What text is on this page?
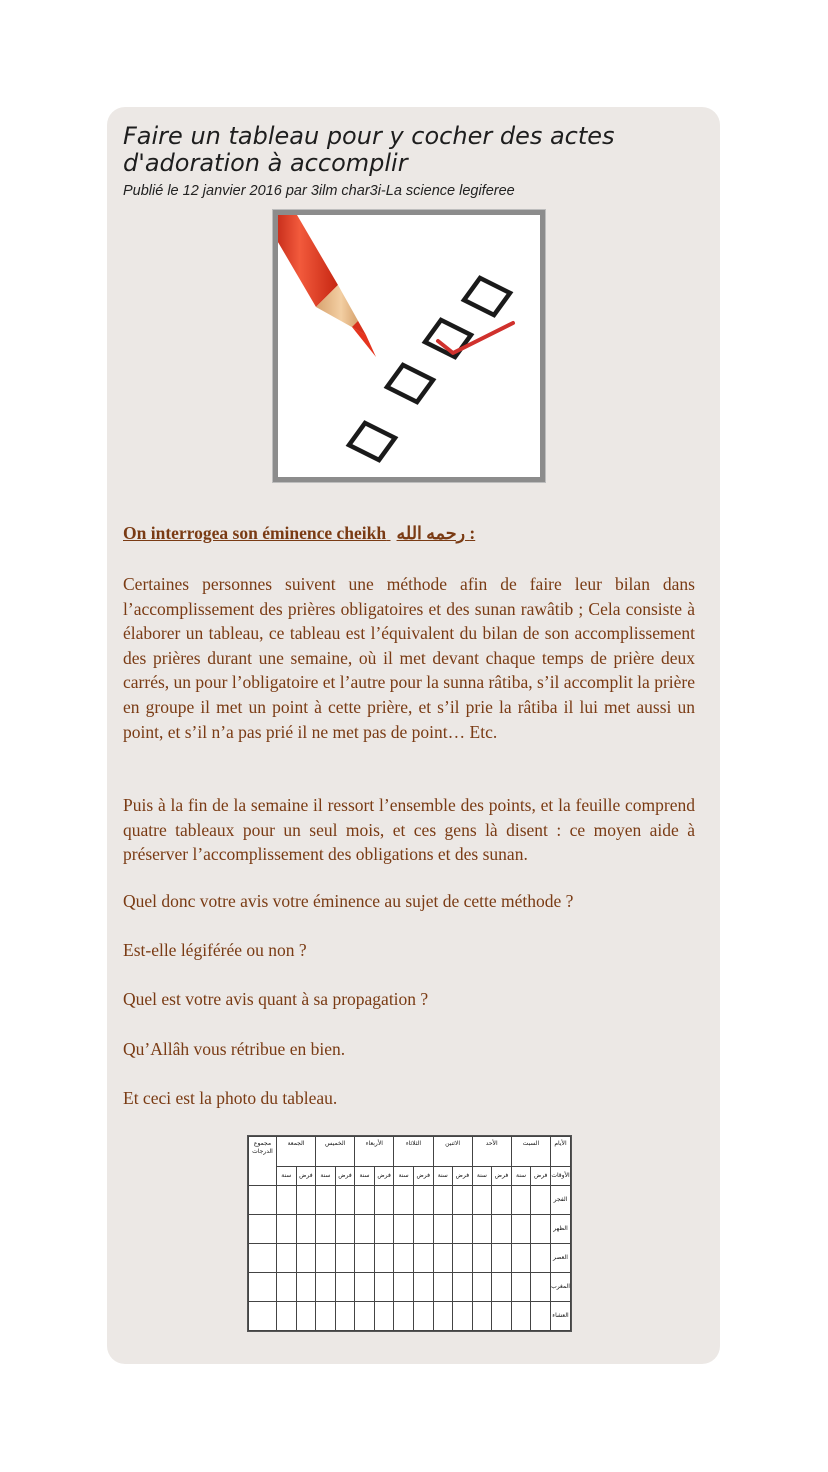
Faire un tableau pour y cocher des actes d'adoration à accomplir
Publié le 12 janvier 2016 par 3ilm char3i-La science legiferee
On interrogea son éminence cheikh رحمه الله :

Certaines personnes suivent une méthode afin de faire leur bilan dans l’accomplissement des prières obligatoires et des sunan rawâtib ; Cela consiste à élaborer un tableau, ce tableau est l’équivalent du bilan de son accomplissement des prières durant une semaine, où il met devant chaque temps de prière deux carrés, un pour l’obligatoire et l’autre pour la sunna râtiba, s’il accomplit la prière en groupe il met un point à cette prière, et s’il prie la râtiba il lui met aussi un point, et s’il n’a pas prié il ne met pas de point… Etc.

Puis à la fin de la semaine il ressort l’ensemble des points, et la feuille comprend quatre tableaux pour un seul mois, et ces gens là disent : ce moyen aide à préserver l’accomplissement des obligations et des sunan.

Quel donc votre avis votre éminence au sujet de cette méthode ?

Est-elle légiférée ou non ?

Quel est votre avis quant à sa propagation ?

Qu’Allâh vous rétribue en bien.

Et ceci est la photo du tableau.

مجموع الدرجات	الجمعة		الخميس		الأربعاء		الثلاثاء		الاثنين		الأحد		السبت		الأيام
	سنة	فرض	سنة	فرض	سنة	فرض	سنة	فرض	سنة	فرض	سنة	فرض	سنة	فرض	الأوقات
															الفجر
															الظهر
															العصر
															المغرب
															العشاء
